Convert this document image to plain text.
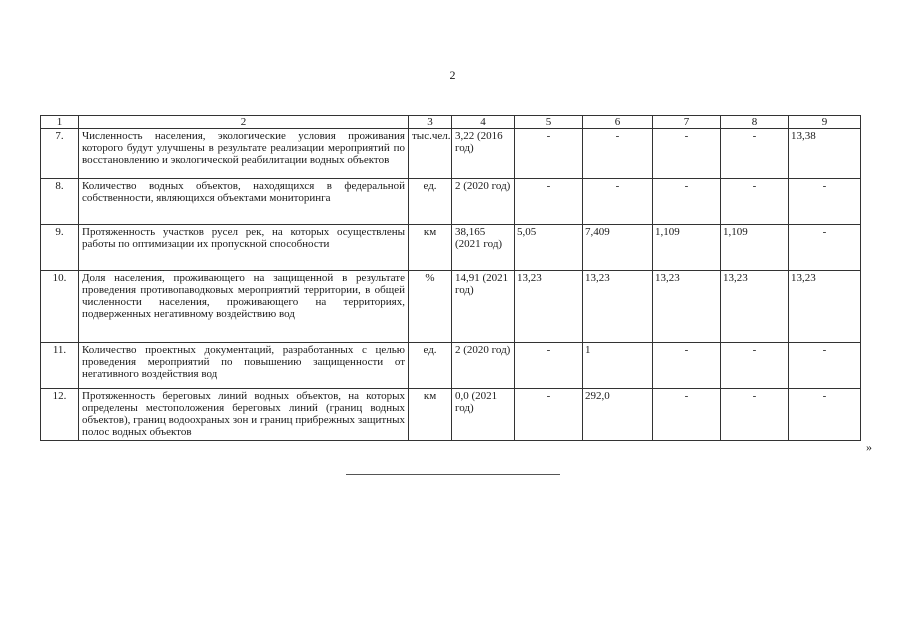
2
1	2	3	4	5	6	7	8	9
7.	Численность населения, экологические условия проживания которого будут улучшены в результате реализации мероприятий по восстановлению и экологической реабилитации водных объектов	тыс.чел.	3,22 (2016 год)	-	-	-	-	13,38
8.	Количество водных объектов, находящихся в федеральной собственности, являющихся объектами мониторинга	ед.	2 (2020 год)	-	-	-	-	-
9.	Протяженность участков русел рек, на которых осуществлены работы по оптимизации их пропускной способности	км	38,165 (2021 год)	5,05	7,409	1,109	1,109	-
10.	Доля населения, проживающего на защищенной в результате проведения противопаводковых мероприятий территории, в общей численности населения, проживающего на территориях, подверженных негативному воздействию вод	%	14,91 (2021 год)	13,23	13,23	13,23	13,23	13,23
11.	Количество проектных документаций, разработанных с целью проведения мероприятий по повышению защищенности от негативного воздействия вод	ед.	2 (2020 год)	-	1	-	-	-
12.	Протяженность береговых линий водных объектов, на которых определены местоположения береговых линий (границ водных объектов), границ водоохраных зон и границ прибрежных защитных полос водных объектов	км	0,0 (2021 год)	-	292,0	-	-	-
»
